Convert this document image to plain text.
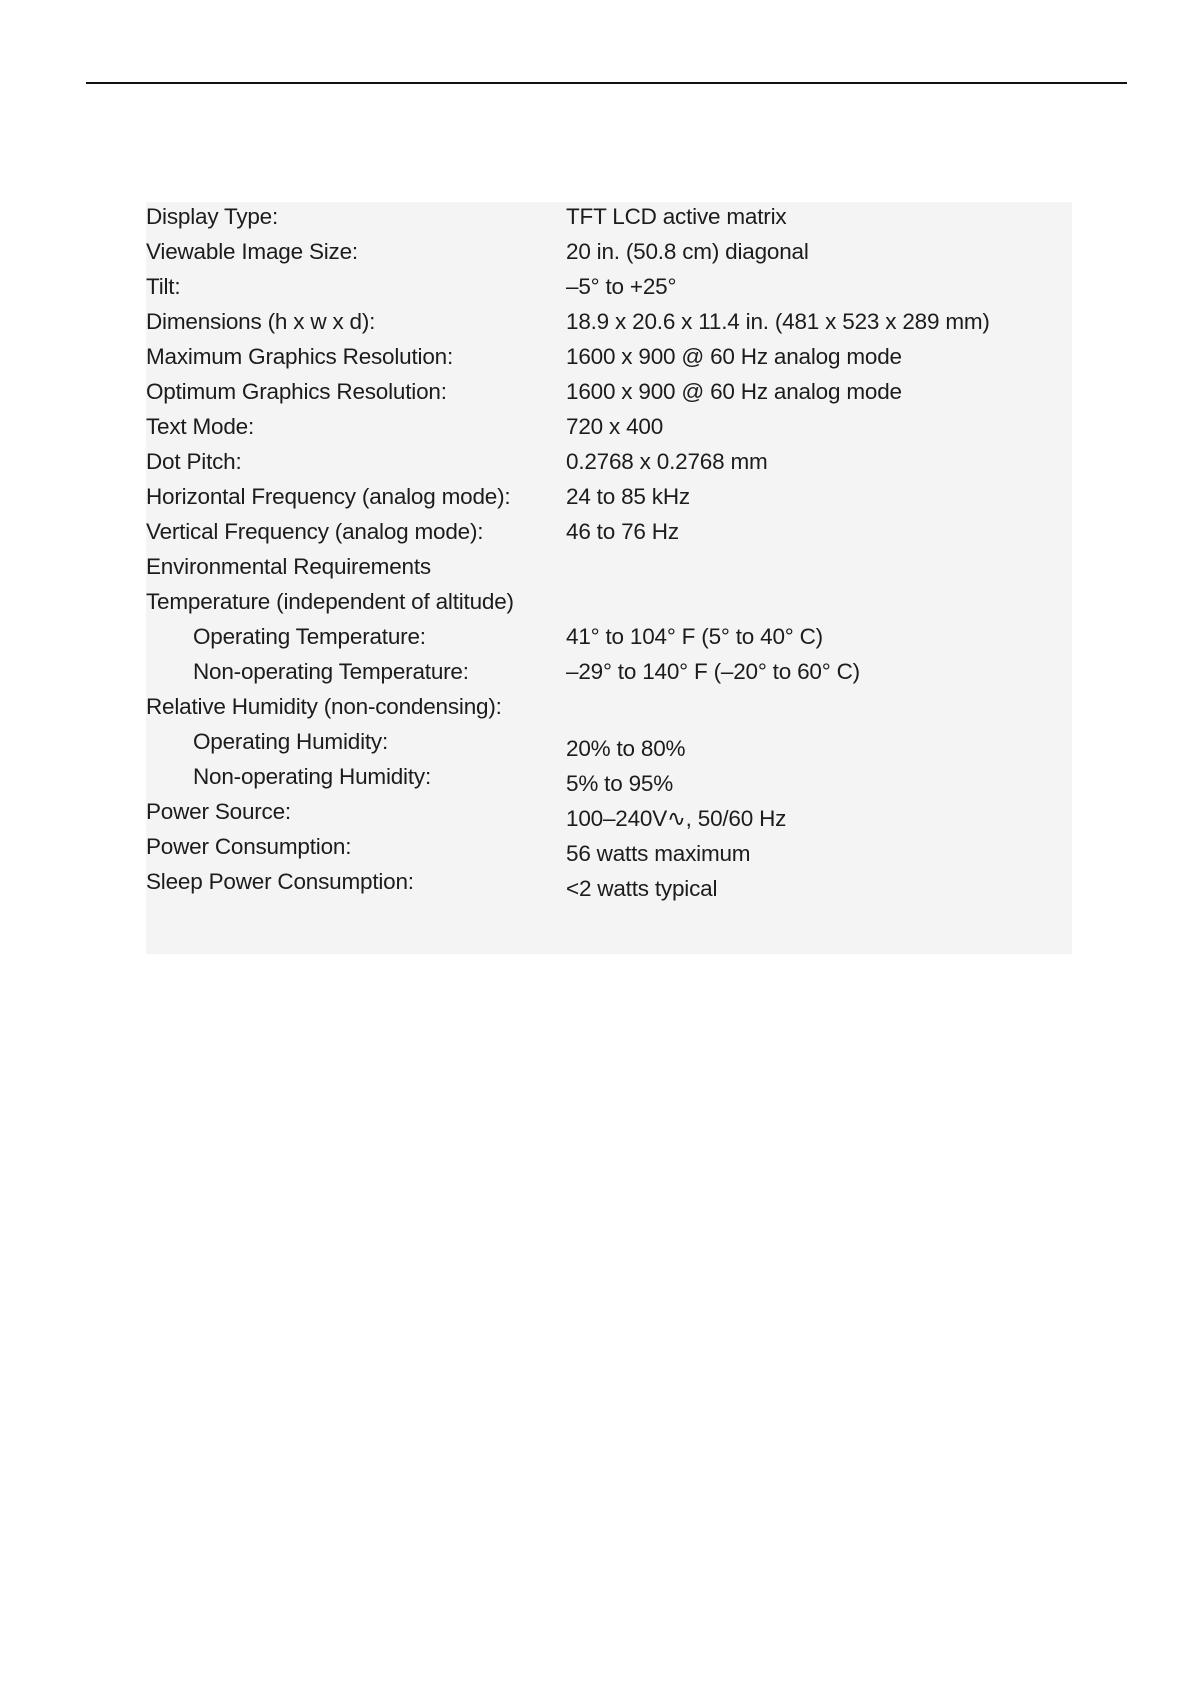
Display Type:	TFT LCD active matrix
Viewable Image Size:	20 in. (50.8 cm) diagonal
Tilt:	–5° to +25°
Dimensions (h x w x d):	18.9 x 20.6 x 11.4 in. (481 x 523 x 289 mm)
Maximum Graphics Resolution:	1600 x 900 @ 60 Hz analog mode
Optimum Graphics Resolution:	1600 x 900 @ 60 Hz analog mode
Text Mode:	720 x 400
Dot Pitch:	0.2768 x 0.2768 mm
Horizontal Frequency (analog mode): 24 to 85 kHz
Vertical Frequency (analog mode):	46 to 76 Hz
Environmental Requirements
Temperature (independent of altitude)
Operating Temperature:	41° to 104° F (5° to 40° C)
Non-operating Temperature:	–29° to 140° F (–20° to 60° C)
Relative Humidity (non-condensing):
Operating Humidity:	20% to 80%
Non-operating Humidity:	5% to 95%
Power Source:	100–240V∿, 50/60 Hz
Power Consumption:	56 watts maximum
Sleep Power Consumption:	<2 watts typical
